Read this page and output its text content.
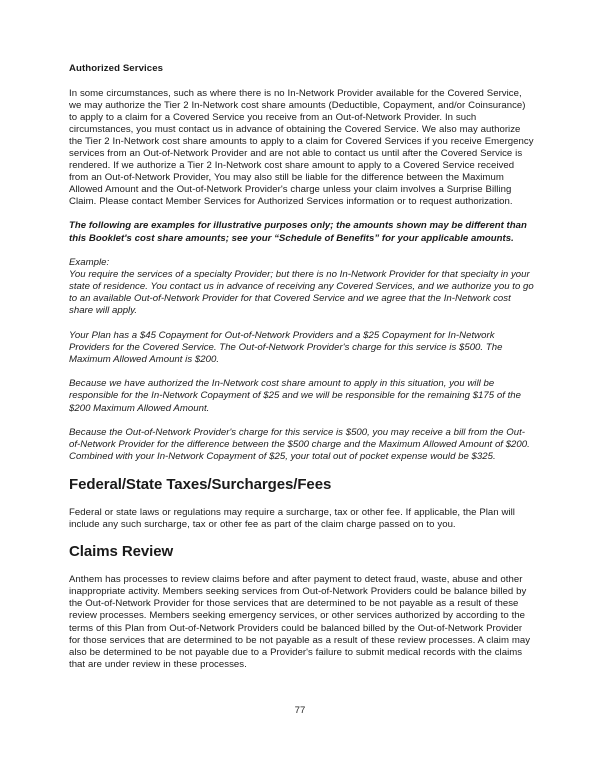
Authorized Services

In some circumstances, such as where there is no In-Network Provider available for the Covered Service, we may authorize the Tier 2 In-Network cost share amounts (Deductible, Copayment, and/or Coinsurance) to apply to a claim for a Covered Service you receive from an Out-of-Network Provider. In such circumstances, you must contact us in advance of obtaining the Covered Service. We also may authorize the Tier 2 In-Network cost share amounts to apply to a claim for Covered Services if you receive Emergency services from an Out-of-Network Provider and are not able to contact us until after the Covered Service is rendered. If we authorize a Tier 2 In-Network cost share amount to apply to a Covered Service received from an Out-of-Network Provider, You may also still be liable for the difference between the Maximum Allowed Amount and the Out-of-Network Provider's charge unless your claim involves a Surprise Billing Claim. Please contact Member Services for Authorized Services information or to request authorization.

The following are examples for illustrative purposes only; the amounts shown may be different than this Booklet's cost share amounts; see your “Schedule of Benefits” for your applicable amounts.

Example:

You require the services of a specialty Provider; but there is no In-Network Provider for that specialty in your state of residence. You contact us in advance of receiving any Covered Services, and we authorize you to go to an available Out-of-Network Provider for that Covered Service and we agree that the In-Network cost share will apply.

Your Plan has a $45 Copayment for Out-of-Network Providers and a $25 Copayment for In-Network Providers for the Covered Service. The Out-of-Network Provider's charge for this service is $500. The Maximum Allowed Amount is $200.

Because we have authorized the In-Network cost share amount to apply in this situation, you will be responsible for the In-Network Copayment of $25 and we will be responsible for the remaining $175 of the $200 Maximum Allowed Amount.

Because the Out-of-Network Provider's charge for this service is $500, you may receive a bill from the Out-of-Network Provider for the difference between the $500 charge and the Maximum Allowed Amount of $200. Combined with your In-Network Copayment of $25, your total out of pocket expense would be $325.

Federal/State Taxes/Surcharges/Fees

Federal or state laws or regulations may require a surcharge, tax or other fee. If applicable, the Plan will include any such surcharge, tax or other fee as part of the claim charge passed on to you.

Claims Review

Anthem has processes to review claims before and after payment to detect fraud, waste, abuse and other inappropriate activity. Members seeking services from Out-of-Network Providers could be balance billed by the Out-of-Network Provider for those services that are determined to be not payable as a result of these review processes. Members seeking emergency services, or other services authorized by according to the terms of this Plan from Out-of-Network Providers could be balanced billed by the Out-of-Network Provider for those services that are determined to be not payable as a result of these review processes. A claim may also be determined to be not payable due to a Provider's failure to submit medical records with the claims that are under review in these processes.

77
